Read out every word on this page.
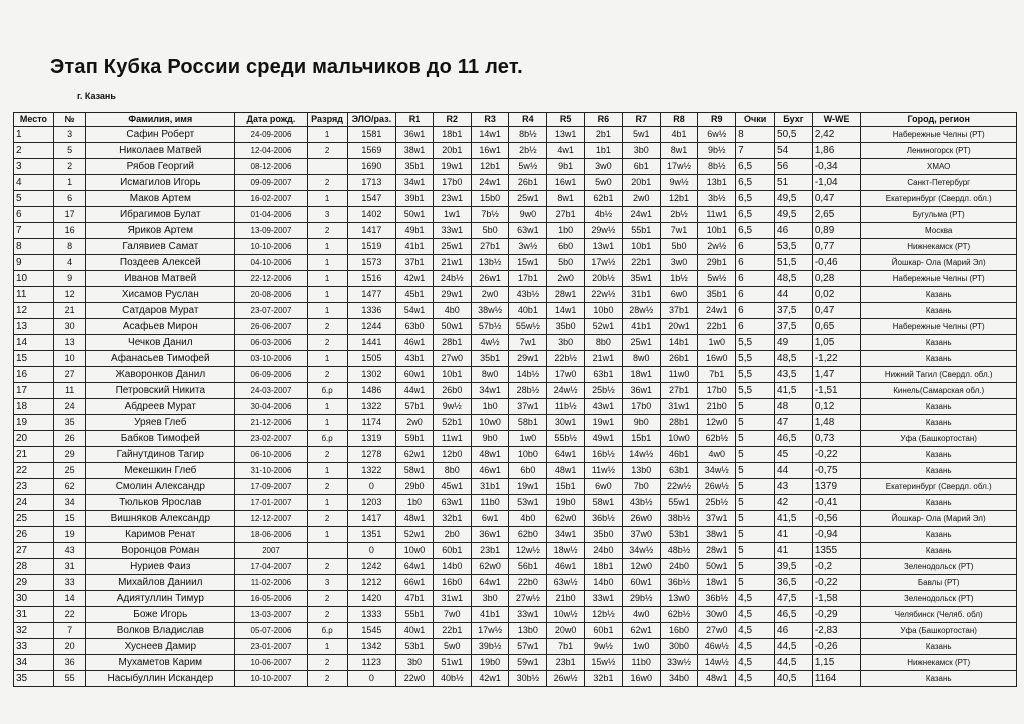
Этап Кубка России среди мальчиков до 11 лет.
г. Казань
Место	№	Фамилия, имя	Дата рожд.	Разряд	ЭЛО/раз.	R1	R2	R3	R4	R5	R6	R7	R8	R9	Очки	Бухг	W-WE	Город, регион
1	3	Сафин Роберт	24-09-2006	1	1581	36w1	18b1	14w1	8b½	13w1	2b1	5w1	4b1	6w½	8	50,5	2,42	Набережные Челны (РТ)
2	5	Николаев Матвей	12-04-2006	2	1569	38w1	20b1	16w1	2b½	4w1	1b1	3b0	8w1	9b½	7	54	1,86	Лениногорск (РТ)
3	2	Рябов Георгий	08-12-2006		1690	35b1	19w1	12b1	5w½	9b1	3w0	6b1	17w½	8b½	6,5	56	-0,34	ХМАО
4	1	Исмагилов Игорь	09-09-2007	2	1713	34w1	17b0	24w1	26b1	16w1	5w0	20b1	9w½	13b1	6,5	51	-1,04	Санкт-Петербург
5	6	Маков Артем	16-02-2007	1	1547	39b1	23w1	15b0	25w1	8w1	62b1	2w0	12b1	3b½	6,5	49,5	0,47	Екатеринбург (Свердл. обл.)
6	17	Ибрагимов Булат	01-04-2006	3	1402	50w1	1w1	7b½	9w0	27b1	4b½	24w1	2b½	11w1	6,5	49,5	2,65	Бугульма (РТ)
7	16	Яриков Артем	13-09-2007	2	1417	49b1	33w1	5b0	63w1	1b0	29w½	55b1	7w1	10b1	6,5	46	0,89	Москва
8	8	Галявиев Самат	10-10-2006	1	1519	41b1	25w1	27b1	3w½	6b0	13w1	10b1	5b0	2w½	6	53,5	0,77	Нижнекамск (РТ)
9	4	Поздеев Алексей	04-10-2006	1	1573	37b1	21w1	13b½	15w1	5b0	17w½	22b1	3w0	29b1	6	51,5	-0,46	Йошкар- Ола (Марий Эл)
10	9	Иванов Матвей	22-12-2006	1	1516	42w1	24b½	26w1	17b1	2w0	20b½	35w1	1b½	5w½	6	48,5	0,28	Набережные Челны (РТ)
11	12	Хисамов Руслан	20-08-2006	1	1477	45b1	29w1	2w0	43b½	28w1	22w½	31b1	6w0	35b1	6	44	0,02	Казань
12	21	Сатдаров Мурат	23-07-2007	1	1336	54w1	4b0	38w½	40b1	14w1	10b0	28w½	37b1	24w1	6	37,5	0,47	Казань
13	30	Асафьев Мирон	26-06-2007	2	1244	63b0	50w1	57b½	55w½	35b0	52w1	41b1	20w1	22b1	6	37,5	0,65	Набережные Челны (РТ)
14	13	Чечков Данил	06-03-2006	2	1441	46w1	28b1	4w½	7w1	3b0	8b0	25w1	14b1	1w0	5,5	49	1,05	Казань
15	10	Афанасьев Тимофей	03-10-2006	1	1505	43b1	27w0	35b1	29w1	22b½	21w1	8w0	26b1	16w0	5,5	48,5	-1,22	Казань
16	27	Жаворонков Данил	06-09-2006	2	1302	60w1	10b1	8w0	14b½	17w0	63b1	18w1	11w0	7b1	5,5	43,5	1,47	Нижний Тагил (Свердл. обл.)
17	11	Петровский Никита	24-03-2007	б.р	1486	44w1	26b0	34w1	28b½	24w½	25b½	36w1	27b1	17b0	5,5	41,5	-1,51	Кинель(Самарская обл.)
18	24	Абдреев Мурат	30-04-2006	1	1322	57b1	9w½	1b0	37w1	11b½	43w1	17b0	31w1	21b0	5	48	0,12	Казань
19	35	Уряев Глеб	21-12-2006	1	1174	2w0	52b1	10w0	58b1	30w1	19w1	9b0	28b1	12w0	5	47	1,48	Казань
20	26	Бабков Тимофей	23-02-2007	б.р	1319	59b1	11w1	9b0	1w0	55b½	49w1	15b1	10w0	62b½	5	46,5	0,73	Уфа (Башкортостан)
21	29	Гайнутдинов Тагир	06-10-2006	2	1278	62w1	12b0	48w1	10b0	64w1	16b½	14w½	46b1	4w0	5	45	-0,22	Казань
22	25	Мекешкин Глеб	31-10-2006	1	1322	58w1	8b0	46w1	6b0	48w1	11w½	13b0	63b1	34w½	5	44	-0,75	Казань
23	62	Смолин Александр	17-09-2007	2	0	29b0	45w1	31b1	19w1	15b1	6w0	7b0	22w½	26w½	5	43	1379	Екатеринбург (Свердл. обл.)
24	34	Тюльков Ярослав	17-01-2007	1	1203	1b0	63w1	11b0	53w1	19b0	58w1	43b½	55w1	25b½	5	42	-0,41	Казань
25	15	Вишняков Александр	12-12-2007	2	1417	48w1	32b1	6w1	4b0	62w0	36b½	26w0	38b½	37w1	5	41,5	-0,56	Йошкар- Ола (Марий Эл)
26	19	Каримов Ренат	18-06-2006	1	1351	52w1	2b0	36w1	62b0	34w1	35b0	37w0	53b1	38w1	5	41	-0,94	Казань
27	43	Воронцов Роман	2007		0	10w0	60b1	23b1	12w½	18w½	24b0	34w½	48b½	28w1	5	41	1355	Казань
28	31	Нуриев Фаиз	17-04-2007	2	1242	64w1	14b0	62w0	56b1	46w1	18b1	12w0	24b0	50w1	5	39,5	-0,2	Зеленодольск (РТ)
29	33	Михайлов Даниил	11-02-2006	3	1212	66w1	16b0	64w1	22b0	63w½	14b0	60w1	36b½	18w1	5	36,5	-0,22	Бавлы (РТ)
30	14	Адиятуллин Тимур	16-05-2006	2	1420	47b1	31w1	3b0	27w½	21b0	33w1	29b½	13w0	36b½	4,5	47,5	-1,58	Зеленодольск (РТ)
31	22	Боже Игорь	13-03-2007	2	1333	55b1	7w0	41b1	33w1	10w½	12b½	4w0	62b½	30w0	4,5	46,5	-0,29	Челябинск (Челяб. обл)
32	7	Волков Владислав	05-07-2006	б.р	1545	40w1	22b1	17w½	13b0	20w0	60b1	62w1	16b0	27w0	4,5	46	-2,83	Уфа (Башкортостан)
33	20	Хуснеев Дамир	23-01-2007	1	1342	53b1	5w0	39b½	57w1	7b1	9w½	1w0	30b0	46w½	4,5	44,5	-0,26	Казань
34	36	Мухаметов Карим	10-06-2007	2	1123	3b0	51w1	19b0	59w1	23b1	15w½	11b0	33w½	14w½	4,5	44,5	1,15	Нижнекамск (РТ)
35	55	Насыбуллин Искандер	10-10-2007	2	0	22w0	40b½	42w1	30b½	26w½	32b1	16w0	34b0	48w1	4,5	40,5	1164	Казань
